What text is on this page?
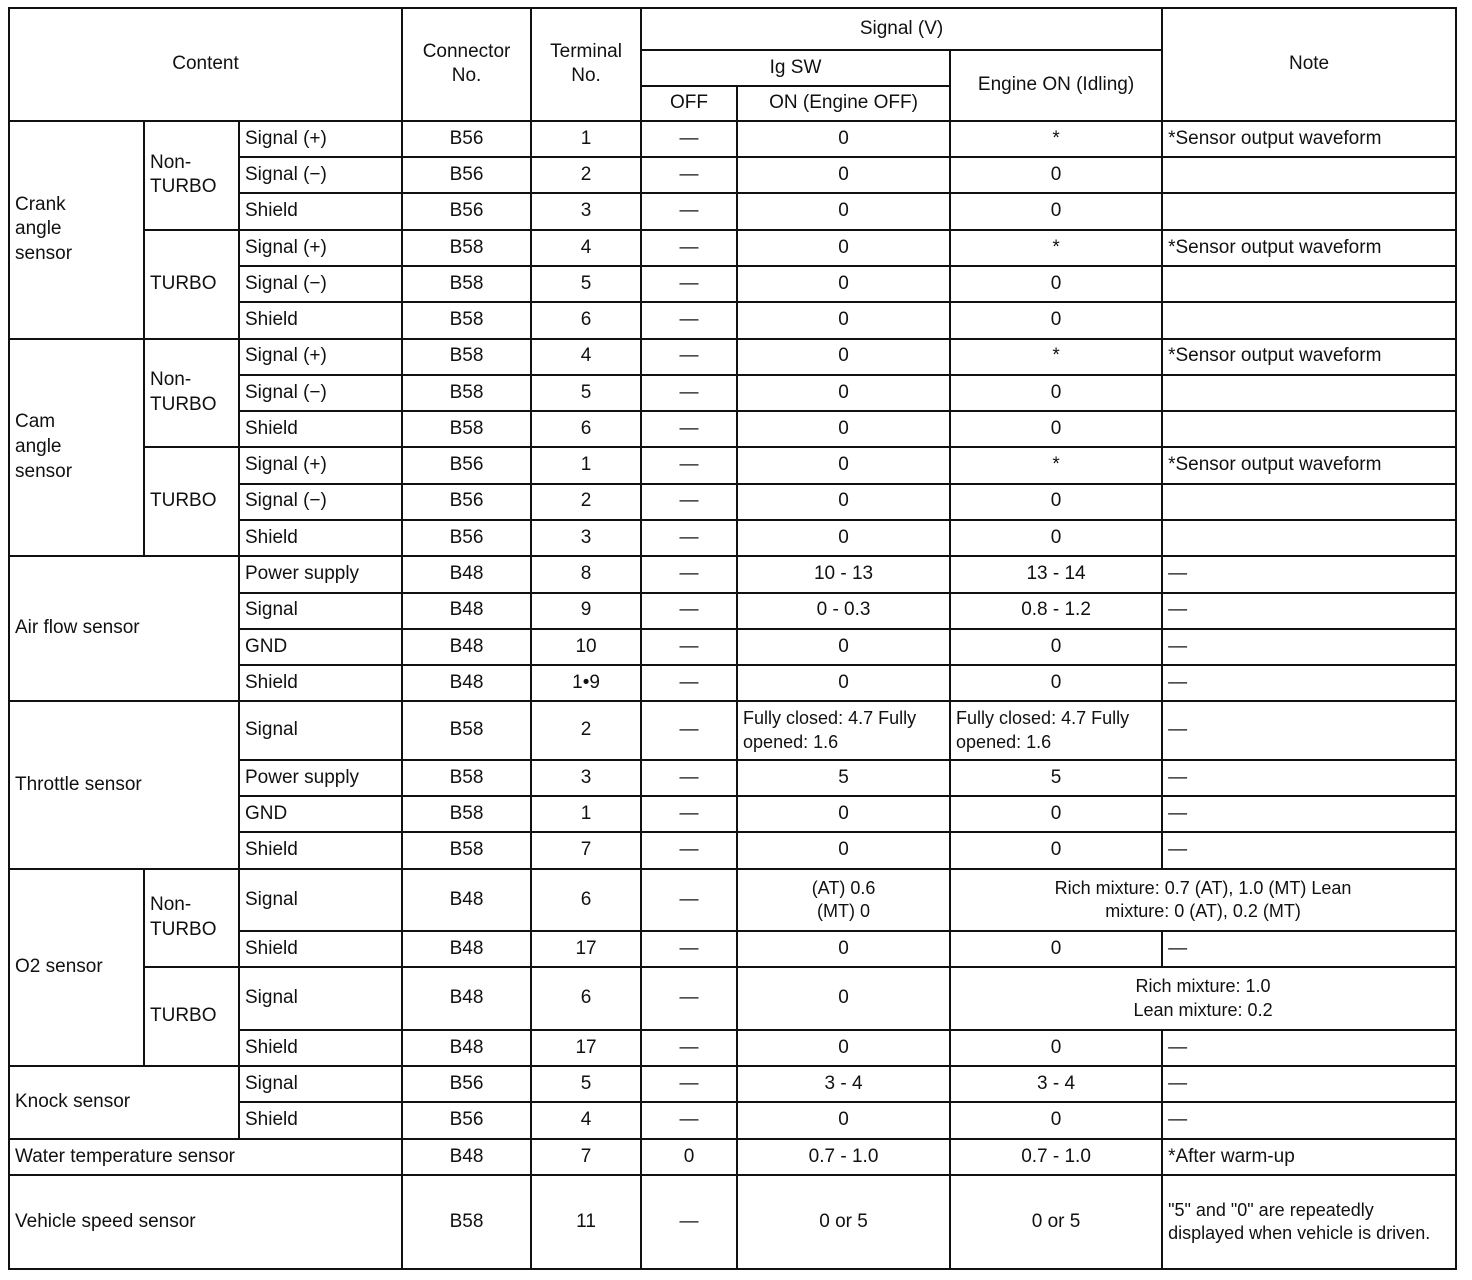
Content			Connector No.	Terminal No.	Signal (V)			Note
					Ig SW		Engine ON (Idling)	
					OFF	ON (Engine OFF)		
Crank angle sensor	Non-TURBO	Signal (+)	B56	1	—	0	*	*Sensor output waveform
		Signal (−)	B56	2	—	0	0	
		Shield	B56	3	—	0	0	
	TURBO	Signal (+)	B58	4	—	0	*	*Sensor output waveform
		Signal (−)	B58	5	—	0	0	
		Shield	B58	6	—	0	0	
Cam angle sensor	Non-TURBO	Signal (+)	B58	4	—	0	*	*Sensor output waveform
		Signal (−)	B58	5	—	0	0	
		Shield	B58	6	—	0	0	
	TURBO	Signal (+)	B56	1	—	0	*	*Sensor output waveform
		Signal (−)	B56	2	—	0	0	
		Shield	B56	3	—	0	0	
Air flow sensor		Power supply	B48	8	—	10 - 13	13 - 14	—
		Signal	B48	9	—	0 - 0.3	0.8 - 1.2	—
		GND	B48	10	—	0	0	—
		Shield	B48	1•9	—	0	0	—
Throttle sensor		Signal	B58	2	—	Fully closed: 4.7 Fully opened: 1.6	Fully closed: 4.7 Fully opened: 1.6	—
		Power supply	B58	3	—	5	5	—
		GND	B58	1	—	0	0	—
		Shield	B58	7	—	0	0	—
O2 sensor	Non-TURBO	Signal	B48	6	—	(AT) 0.6 (MT) 0	Rich mixture: 0.7 (AT), 1.0 (MT) Lean mixture: 0 (AT), 0.2 (MT)	
		Shield	B48	17	—	0	0	—
	TURBO	Signal	B48	6	—	0	Rich mixture: 1.0 Lean mixture: 0.2	
		Shield	B48	17	—	0	0	—
Knock sensor		Signal	B56	5	—	3 - 4	3 - 4	—
		Shield	B56	4	—	0	0	—
Water temperature sensor			B48	7	0	0.7 - 1.0	0.7 - 1.0	*After warm-up
Vehicle speed sensor			B58	11	—	0 or 5	0 or 5	"5" and "0" are repeatedly displayed when vehicle is driven.
